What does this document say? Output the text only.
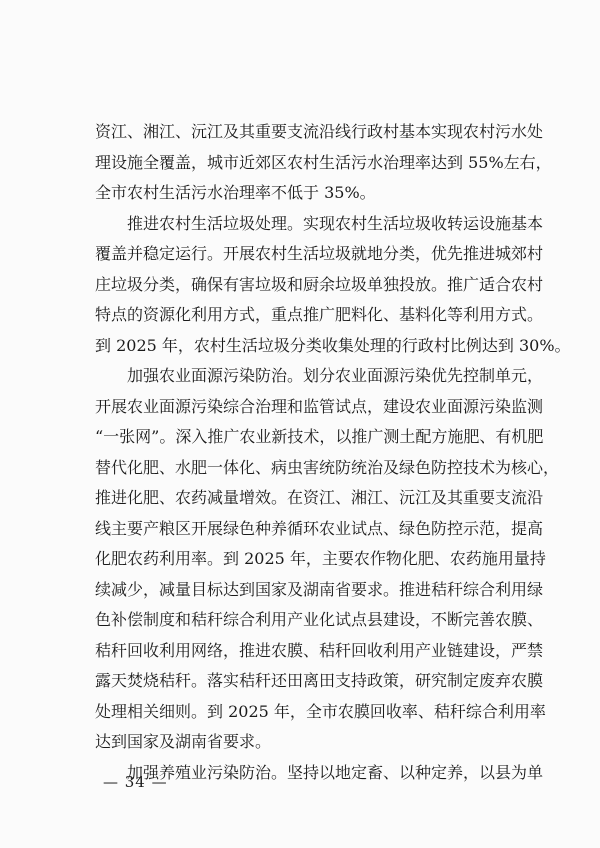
资江、湘江、沅江及其重要支流沿线行政村基本实现农村污水处
理设施全覆盖，城市近郊区农村生活污水治理率达到 55%左右，
全市农村生活污水治理率不低于 35%。
推进农村生活垃圾处理。实现农村生活垃圾收转运设施基本
覆盖并稳定运行。开展农村生活垃圾就地分类，优先推进城郊村
庄垃圾分类，确保有害垃圾和厨余垃圾单独投放。推广适合农村
特点的资源化利用方式，重点推广肥料化、基料化等利用方式。
到 2025 年，农村生活垃圾分类收集处理的行政村比例达到 30%。
加强农业面源污染防治。划分农业面源污染优先控制单元，
开展农业面源污染综合治理和监管试点，建设农业面源污染监测
“一张网”。深入推广农业新技术，以推广测土配方施肥、有机肥
替代化肥、水肥一体化、病虫害统防统治及绿色防控技术为核心，
推进化肥、农药减量增效。在资江、湘江、沅江及其重要支流沿
线主要产粮区开展绿色种养循环农业试点、绿色防控示范，提高
化肥农药利用率。到 2025 年，主要农作物化肥、农药施用量持
续减少，减量目标达到国家及湖南省要求。推进秸秆综合利用绿
色补偿制度和秸秆综合利用产业化试点县建设，不断完善农膜、
秸秆回收利用网络，推进农膜、秸秆回收利用产业链建设，严禁
露天焚烧秸秆。落实秸秆还田离田支持政策，研究制定废弃农膜
处理相关细则。到 2025 年，全市农膜回收率、秸秆综合利用率
达到国家及湖南省要求。
加强养殖业污染防治。坚持以地定畜、以种定养，以县为单
— 34 —
